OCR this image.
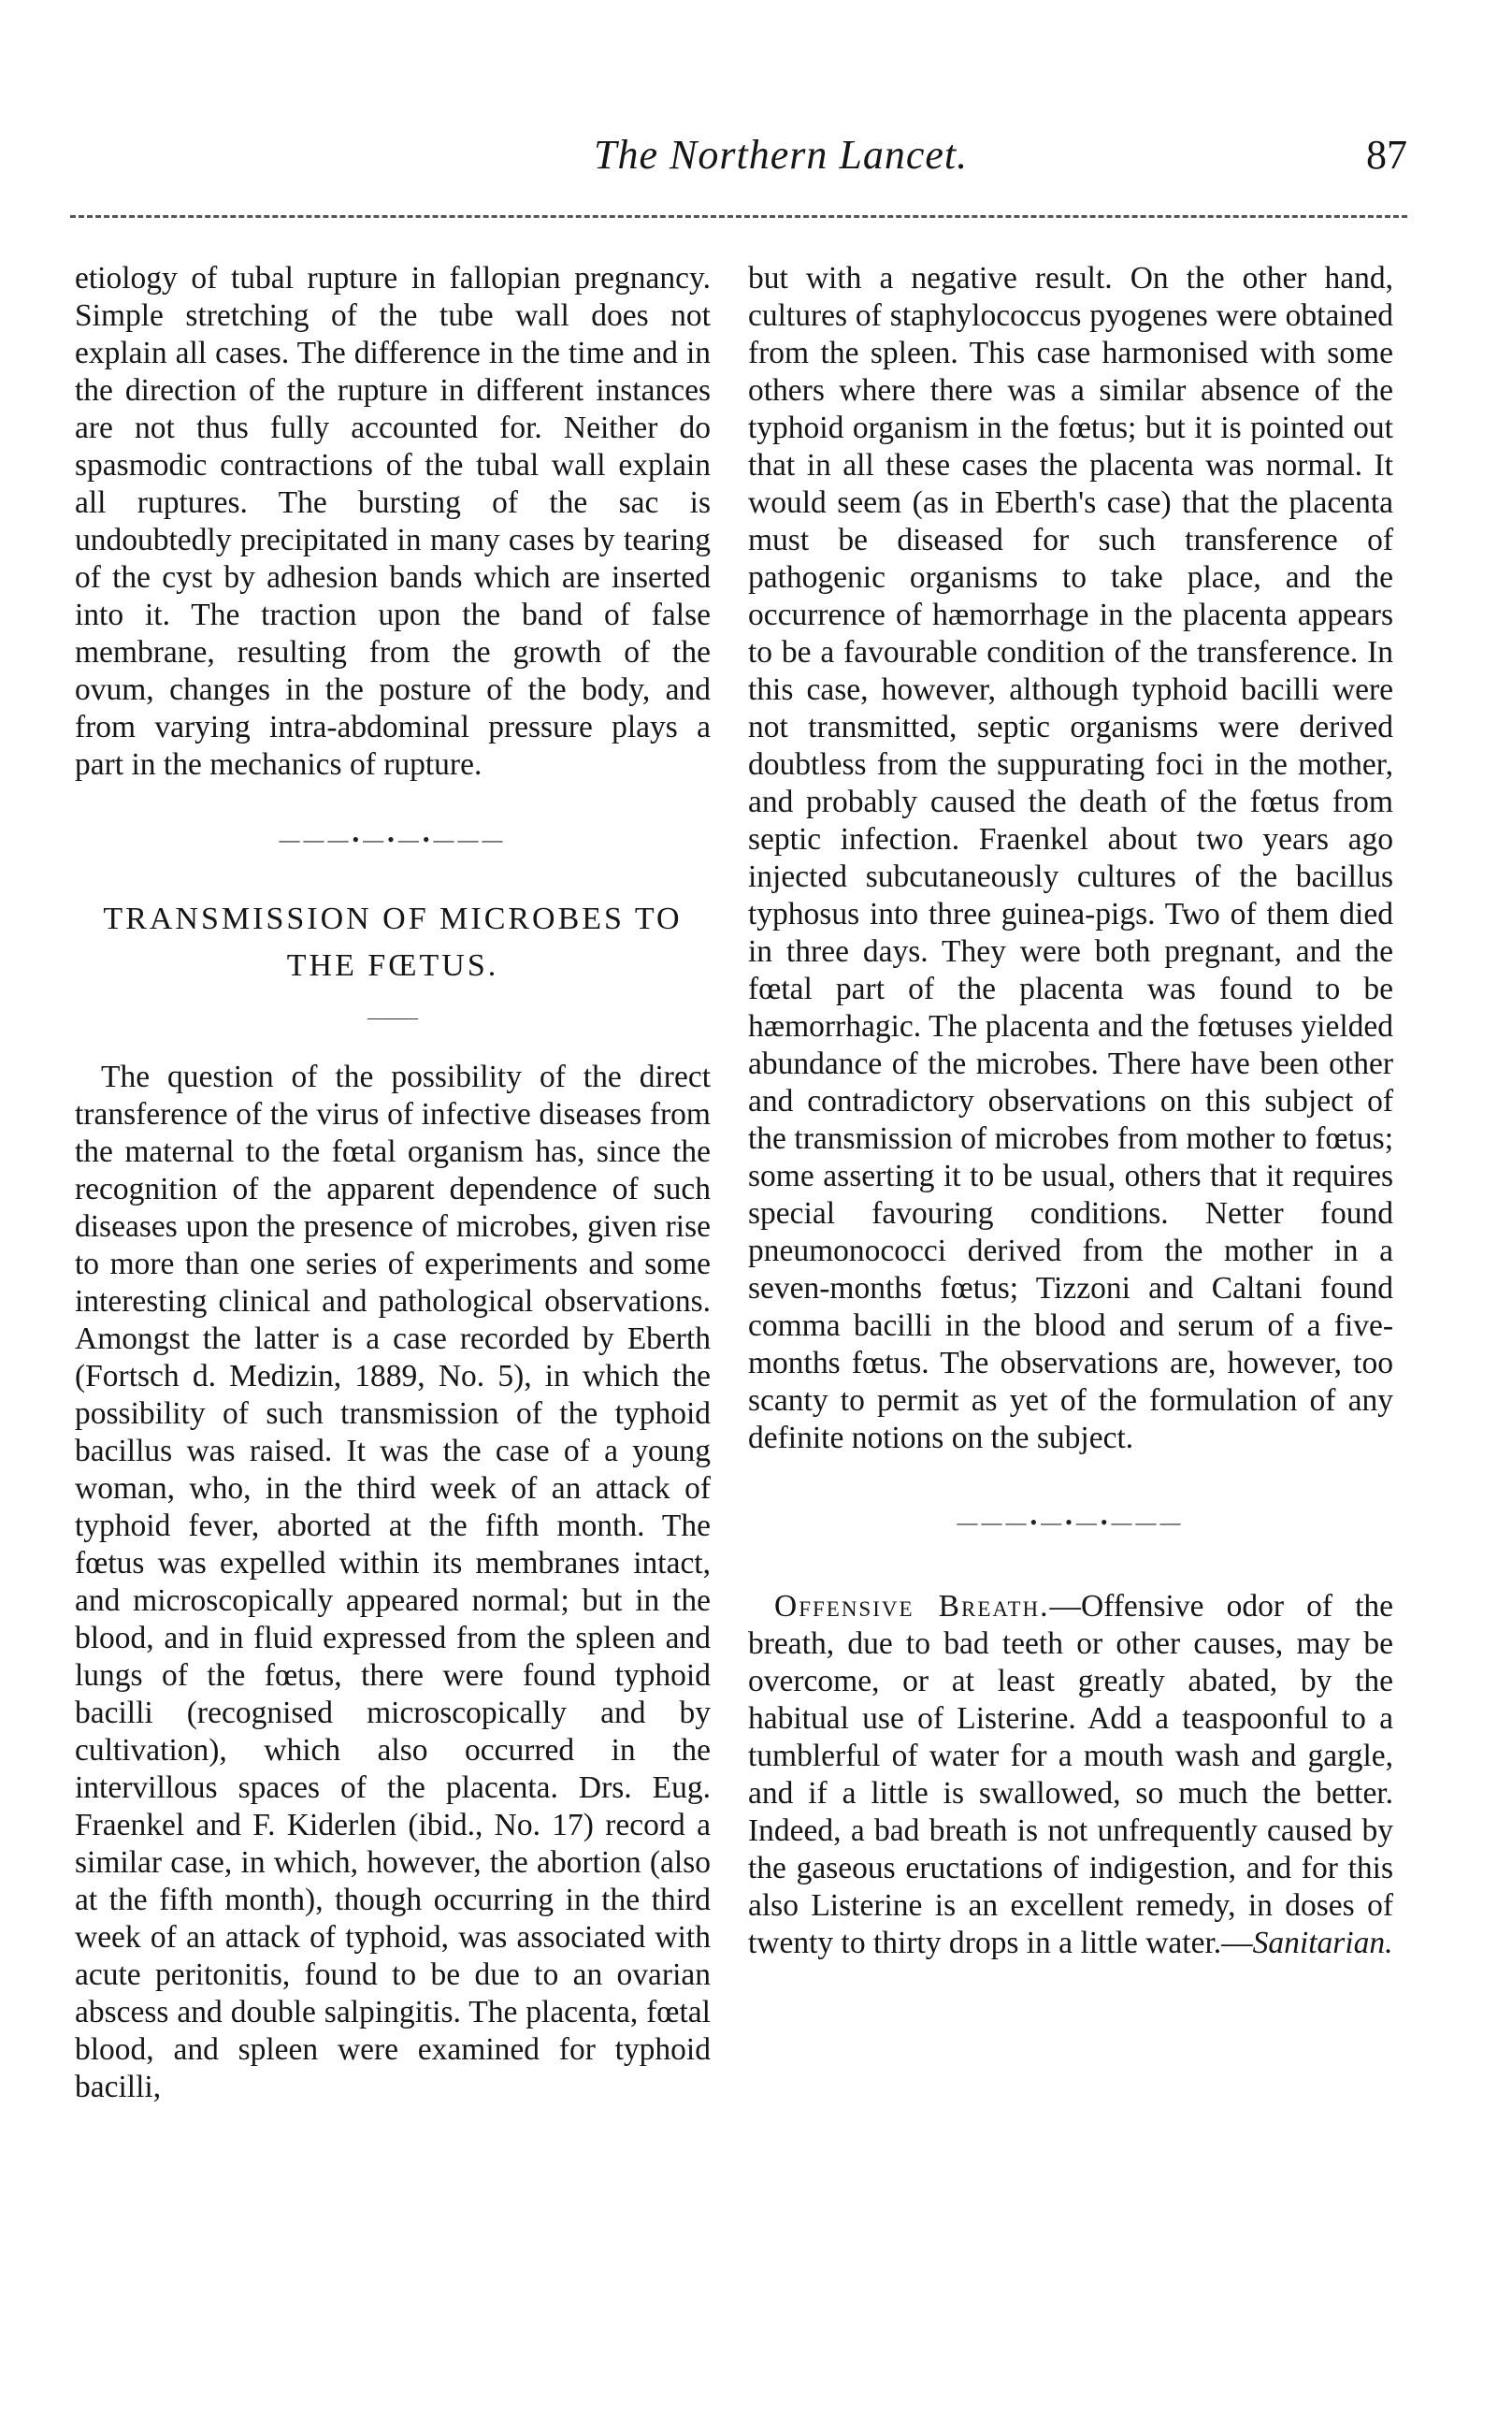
The Northern Lancet.	87

etiology of tubal rupture in fallopian pregnancy. Simple stretching of the tube wall does not explain all cases. The difference in the time and in the direction of the rupture in different instances are not thus fully accounted for. Neither do spasmodic contractions of the tubal wall explain all ruptures. The bursting of the sac is undoubtedly precipitated in many cases by tearing of the cyst by adhesion bands which are inserted into it. The traction upon the band of false membrane, resulting from the growth of the ovum, changes in the posture of the body, and from varying intra-abdominal pressure plays a part in the mechanics of rupture.

———•—•—•———
TRANSMISSION OF MICROBES TO THE FŒTUS.
———

The question of the possibility of the direct transference of the virus of infective diseases from the maternal to the fœtal organism has, since the recognition of the apparent dependence of such diseases upon the presence of microbes, given rise to more than one series of experiments and some interesting clinical and pathological observations. Amongst the latter is a case recorded by Eberth (Fortsch d. Medizin, 1889, No. 5), in which the possibility of such transmission of the typhoid bacillus was raised. It was the case of a young woman, who, in the third week of an attack of typhoid fever, aborted at the fifth month. The fœtus was expelled within its membranes intact, and microscopically appeared normal; but in the blood, and in fluid expressed from the spleen and lungs of the fœtus, there were found typhoid bacilli (recognised microscopically and by cultivation), which also occurred in the intervillous spaces of the placenta. Drs. Eug. Fraenkel and F. Kiderlen (ibid., No. 17) record a similar case, in which, however, the abortion (also at the fifth month), though occurring in the third week of an attack of typhoid, was associated with acute peritonitis, found to be due to an ovarian abscess and double salpingitis. The placenta, fœtal blood, and spleen were examined for typhoid bacilli,

but with a negative result. On the other hand, cultures of staphylococcus pyogenes were obtained from the spleen. This case harmonised with some others where there was a similar absence of the typhoid organism in the fœtus; but it is pointed out that in all these cases the placenta was normal. It would seem (as in Eberth's case) that the placenta must be diseased for such transference of pathogenic organisms to take place, and the occurrence of hæmorrhage in the placenta appears to be a favourable condition of the transference. In this case, however, although typhoid bacilli were not transmitted, septic organisms were derived doubtless from the suppurating foci in the mother, and probably caused the death of the fœtus from septic infection. Fraenkel about two years ago injected subcutaneously cultures of the bacillus typhosus into three guinea-pigs. Two of them died in three days. They were both pregnant, and the fœtal part of the placenta was found to be hæmorrhagic. The placenta and the fœtuses yielded abundance of the microbes. There have been other and contradictory observations on this subject of the transmission of microbes from mother to fœtus; some asserting it to be usual, others that it requires special favouring conditions. Netter found pneumonococci derived from the mother in a seven-months fœtus; Tizzoni and Caltani found comma bacilli in the blood and serum of a five-months fœtus. The observations are, however, too scanty to permit as yet of the formulation of any definite notions on the subject.

———•—•—•———

Offensive Breath.—Offensive odor of the breath, due to bad teeth or other causes, may be overcome, or at least greatly abated, by the habitual use of Listerine. Add a teaspoonful to a tumblerful of water for a mouth wash and gargle, and if a little is swallowed, so much the better. Indeed, a bad breath is not unfrequently caused by the gaseous eructations of indigestion, and for this also Listerine is an excellent remedy, in doses of twenty to thirty drops in a little water.—Sanitarian.
